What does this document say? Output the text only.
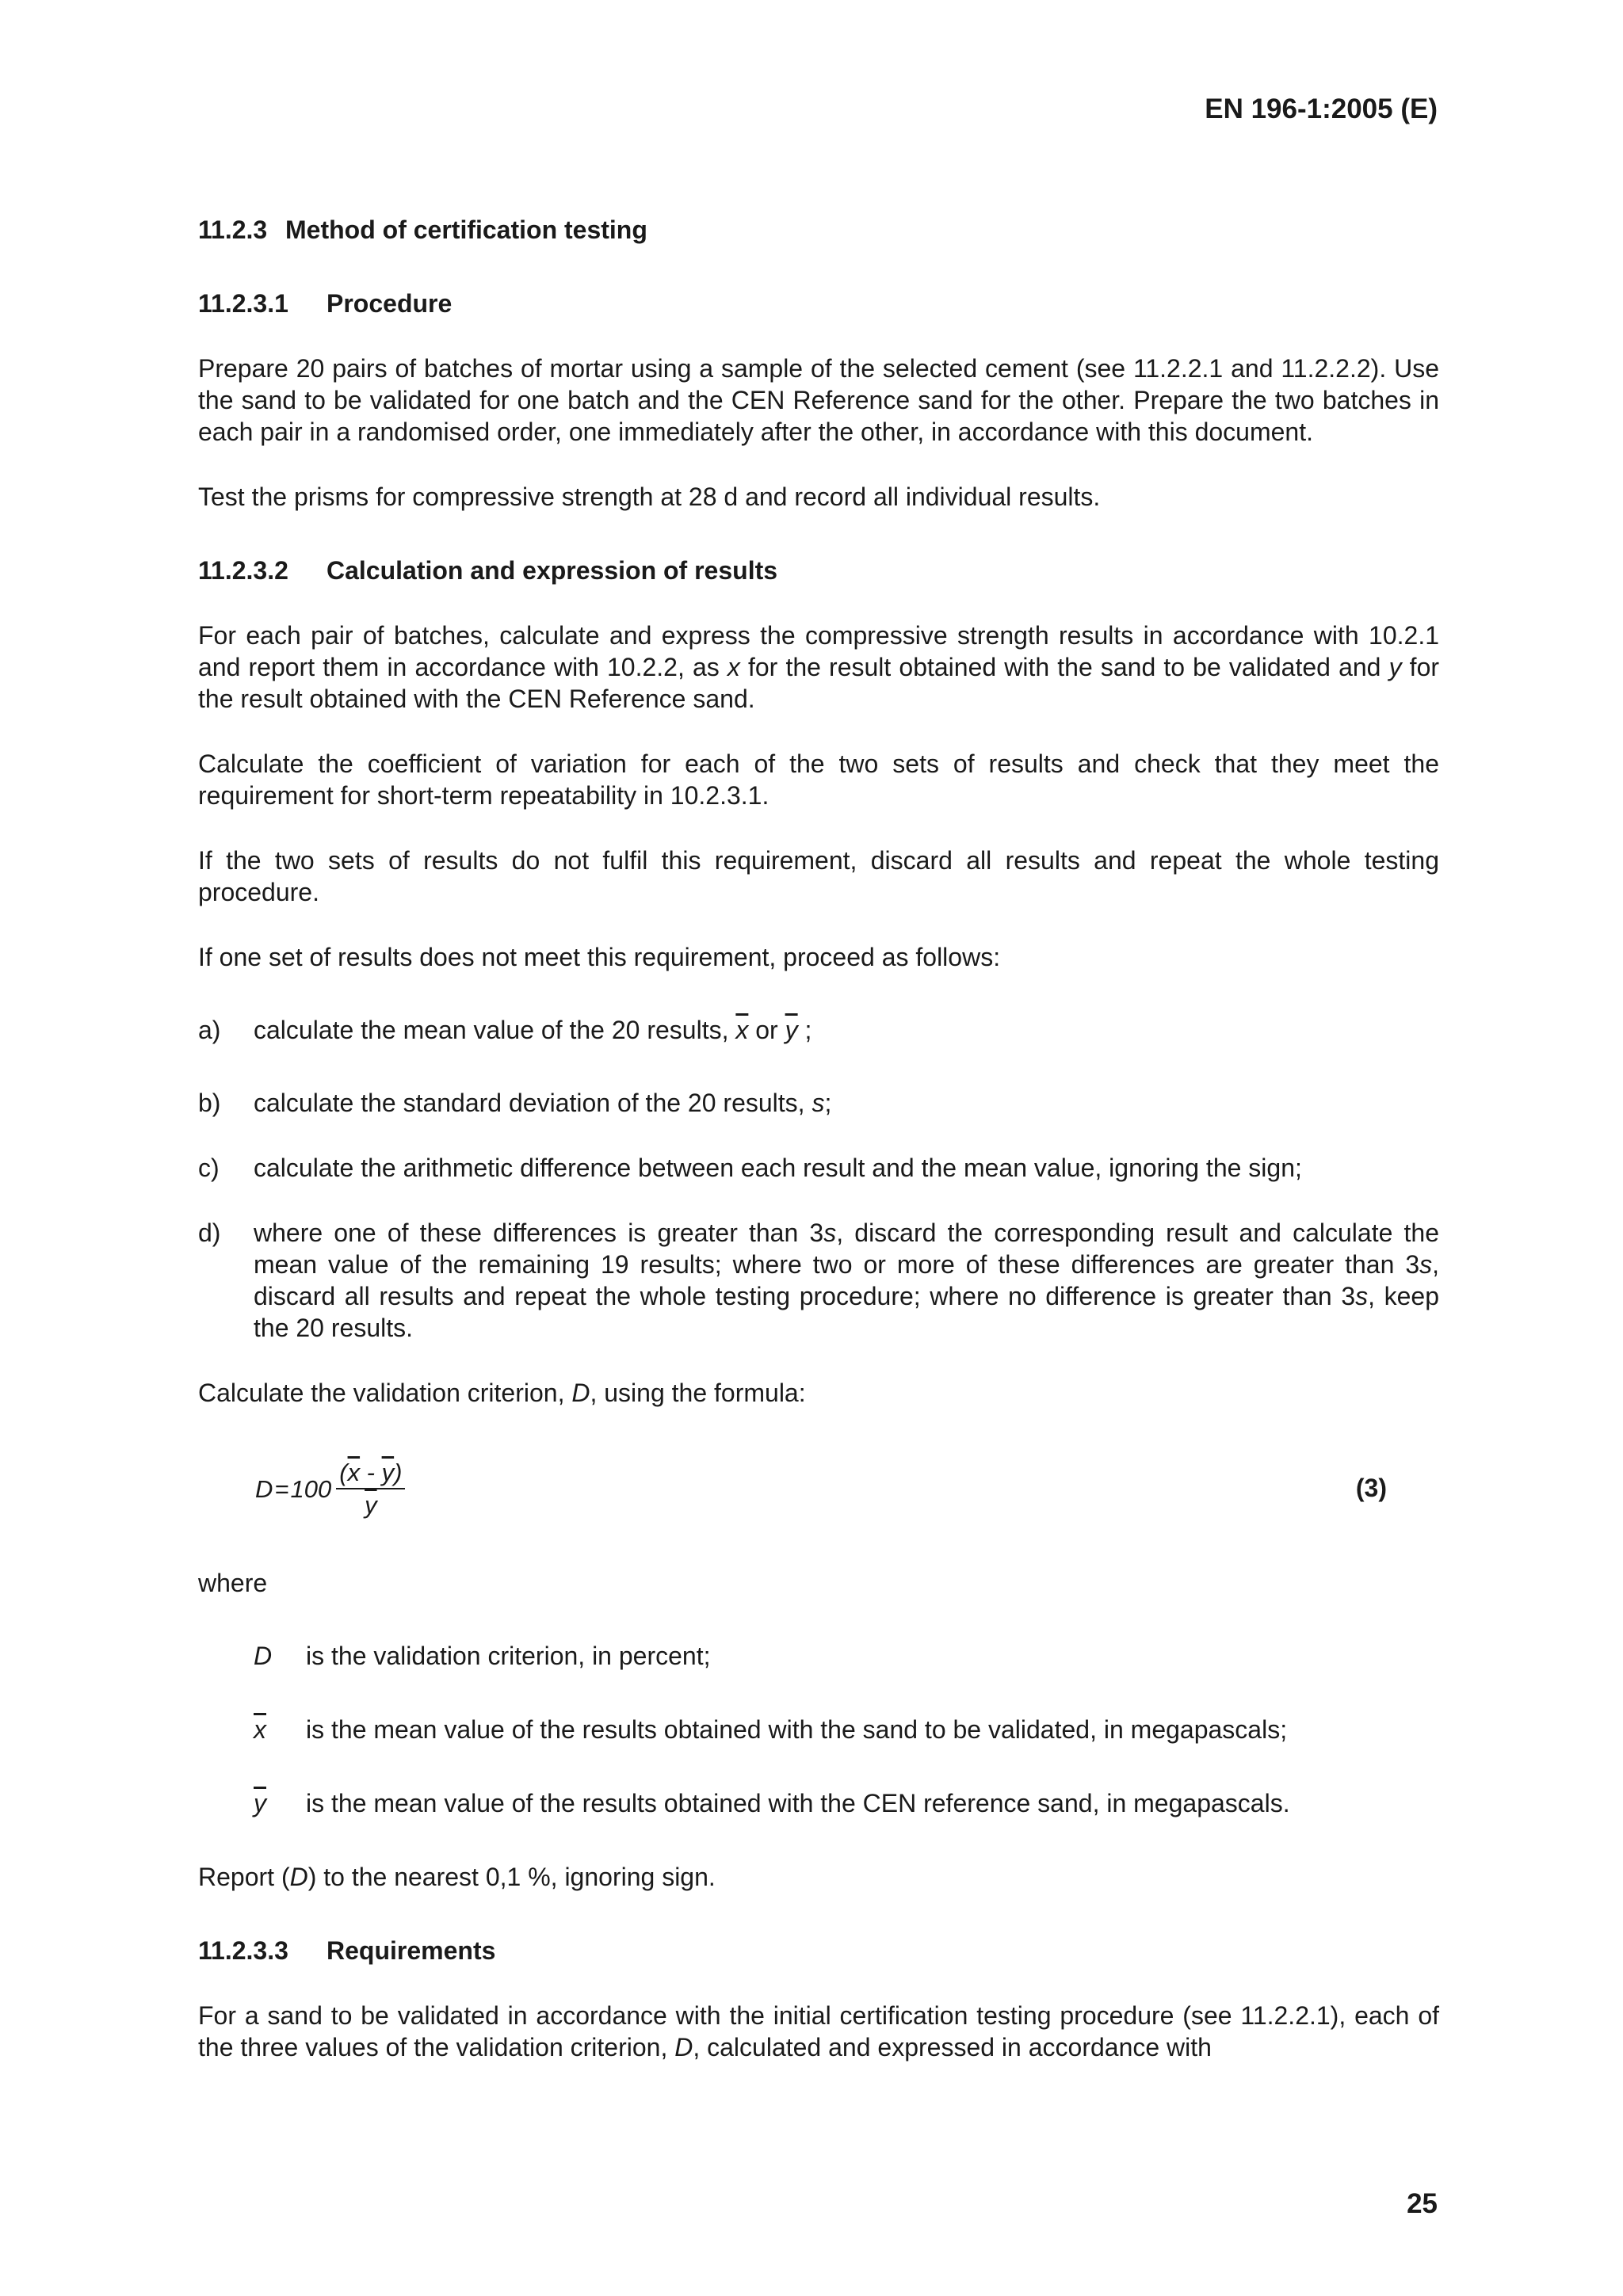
EN 196-1:2005 (E)
11.2.3 Method of certification testing
11.2.3.1 Procedure

Prepare 20 pairs of batches of mortar using a sample of the selected cement (see 11.2.2.1 and 11.2.2.2). Use the sand to be validated for one batch and the CEN Reference sand for the other. Prepare the two batches in each pair in a randomised order, one immediately after the other, in accordance with this document.

Test the prisms for compressive strength at 28 d and record all individual results.

11.2.3.2 Calculation and expression of results

For each pair of batches, calculate and express the compressive strength results in accordance with 10.2.1 and report them in accordance with 10.2.2, as x for the result obtained with the sand to be validated and y for the result obtained with the CEN Reference sand.

Calculate the coefficient of variation for each of the two sets of results and check that they meet the requirement for short-term repeatability in 10.2.3.1.

If the two sets of results do not fulfil this requirement, discard all results and repeat the whole testing procedure.

If one set of results does not meet this requirement, proceed as follows:

a) calculate the mean value of the 20 results, $\overline{x}$ or $\overline{y}$ ;
b) calculate the standard deviation of the 20 results, s;
c) calculate the arithmetic difference between each result and the mean value, ignoring the sign;
d) where one of these differences is greater than 3s, discard the corresponding result and calculate the mean value of the remaining 19 results; where two or more of these differences are greater than 3s, discard all results and repeat the whole testing procedure; where no difference is greater than 3s, keep the 20 results.

Calculate the validation criterion, D, using the formula:

$D = 100 \frac{(\overline{x} - \overline{y})}{y}$	(3)

where

D is the validation criterion, in percent;
$\overline{x}$ is the mean value of the results obtained with the sand to be validated, in megapascals;
$\overline{y}$ is the mean value of the results obtained with the CEN reference sand, in megapascals.

Report (D) to the nearest 0,1 %, ignoring sign.

11.2.3.3 Requirements

For a sand to be validated in accordance with the initial certification testing procedure (see 11.2.2.1), each of the three values of the validation criterion, D, calculated and expressed in accordance with

25
